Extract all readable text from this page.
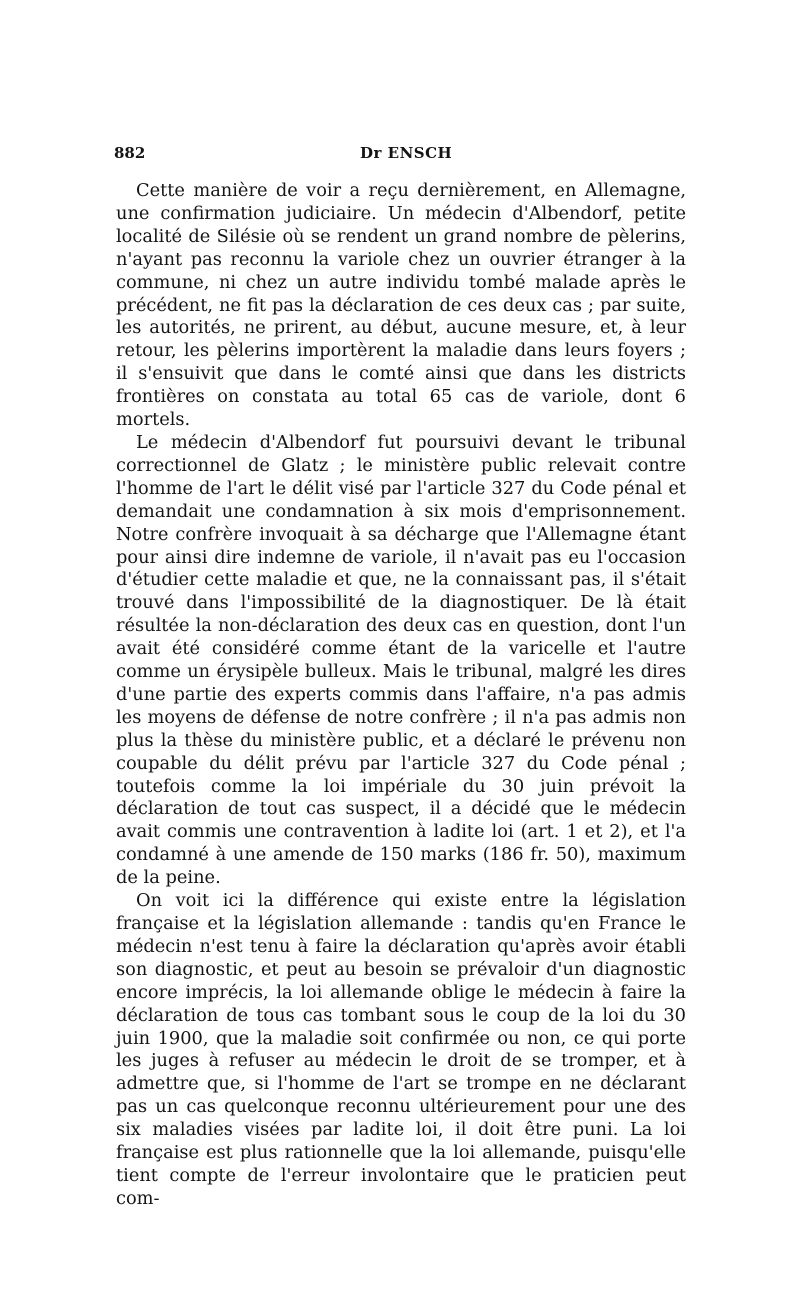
882	Dr ENSCH

Cette manière de voir a reçu dernièrement, en Allemagne, une confirmation judiciaire. Un médecin d'Albendorf, petite localité de Silésie où se rendent un grand nombre de pèlerins, n'ayant pas reconnu la variole chez un ouvrier étranger à la commune, ni chez un autre individu tombé malade après le précédent, ne fit pas la déclaration de ces deux cas ; par suite, les autorités, ne prirent, au début, aucune mesure, et, à leur retour, les pèlerins importèrent la maladie dans leurs foyers ; il s'ensuivit que dans le comté ainsi que dans les districts frontières on constata au total 65 cas de variole, dont 6 mortels.

Le médecin d'Albendorf fut poursuivi devant le tribunal correctionnel de Glatz ; le ministère public relevait contre l'homme de l'art le délit visé par l'article 327 du Code pénal et demandait une condamnation à six mois d'emprisonnement. Notre confrère invoquait à sa décharge que l'Allemagne étant pour ainsi dire indemne de variole, il n'avait pas eu l'occasion d'étudier cette maladie et que, ne la connaissant pas, il s'était trouvé dans l'impossibilité de la diagnostiquer. De là était résultée la non-déclaration des deux cas en question, dont l'un avait été considéré comme étant de la varicelle et l'autre comme un érysipèle bulleux. Mais le tribunal, malgré les dires d'une partie des experts commis dans l'affaire, n'a pas admis les moyens de défense de notre confrère ; il n'a pas admis non plus la thèse du ministère public, et a déclaré le prévenu non coupable du délit prévu par l'article 327 du Code pénal ; toutefois comme la loi impériale du 30 juin prévoit la déclaration de tout cas suspect, il a décidé que le médecin avait commis une contravention à ladite loi (art. 1 et 2), et l'a condamné à une amende de 150 marks (186 fr. 50), maximum de la peine.

On voit ici la différence qui existe entre la législation française et la législation allemande : tandis qu'en France le médecin n'est tenu à faire la déclaration qu'après avoir établi son diagnostic, et peut au besoin se prévaloir d'un diagnostic encore imprécis, la loi allemande oblige le médecin à faire la déclaration de tous cas tombant sous le coup de la loi du 30 juin 1900, que la maladie soit confirmée ou non, ce qui porte les juges à refuser au médecin le droit de se tromper, et à admettre que, si l'homme de l'art se trompe en ne déclarant pas un cas quelconque reconnu ultérieurement pour une des six maladies visées par ladite loi, il doit être puni. La loi française est plus rationnelle que la loi allemande, puisqu'elle tient compte de l'erreur involontaire que le praticien peut com-
